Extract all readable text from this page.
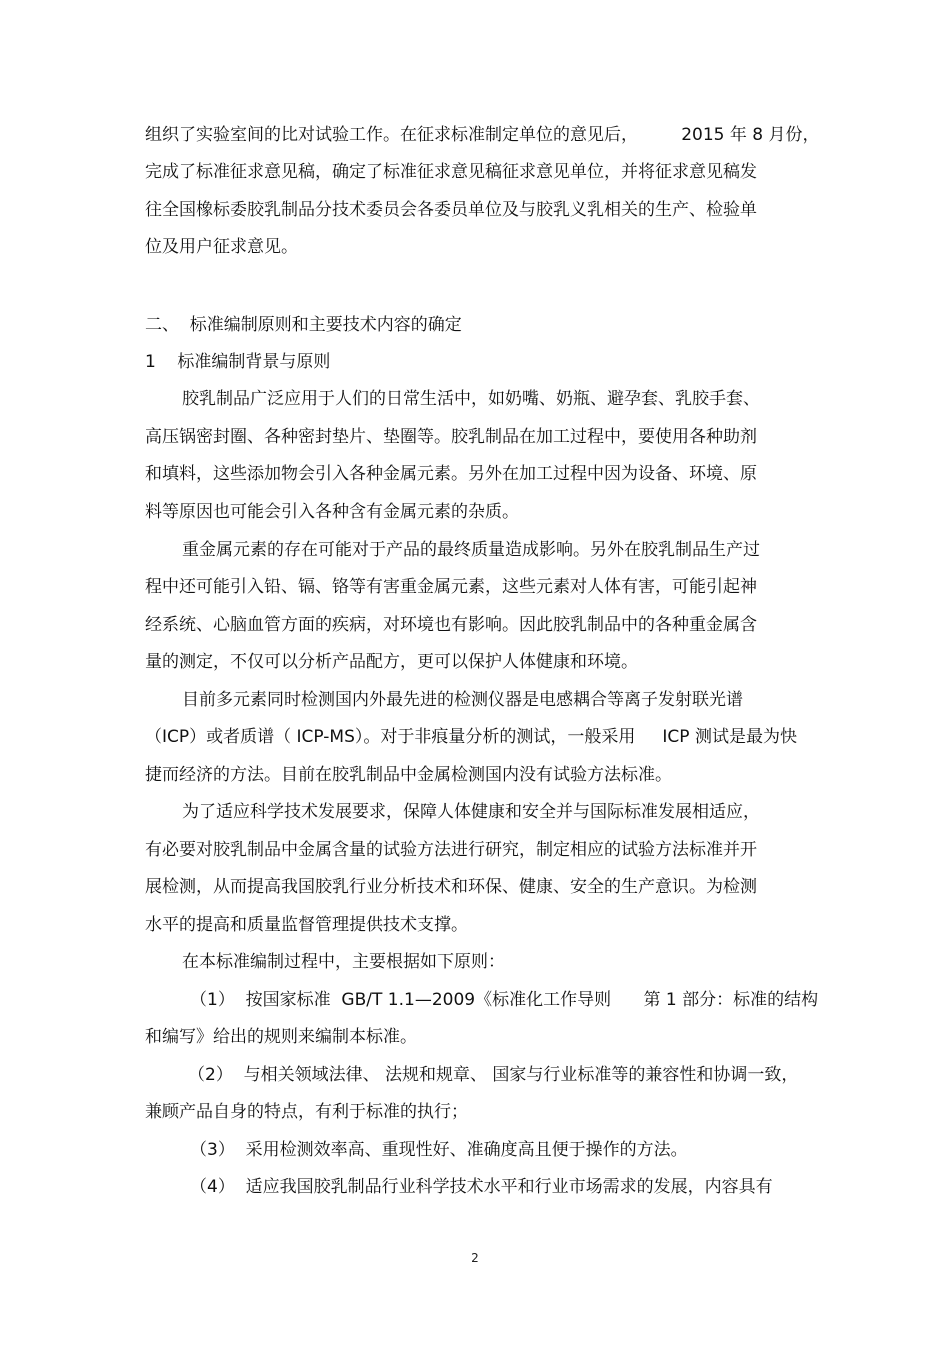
组织了实验室间的比对试验工作。在征求标准制定单位的意见后，        2015 年 8 月份，

完成了标准征求意见稿，确定了标准征求意见稿征求意见单位，并将征求意见稿发

往全国橡标委胶乳制品分技术委员会各委员单位及与胶乳义乳相关的生产、检验单

位及用户征求意见。

二、  标准编制原则和主要技术内容的确定

1    标准编制背景与原则

胶乳制品广泛应用于人们的日常生活中，如奶嘴、奶瓶、避孕套、乳胶手套、

高压锅密封圈、各种密封垫片、垫圈等。胶乳制品在加工过程中，要使用各种助剂

和填料，这些添加物会引入各种金属元素。另外在加工过程中因为设备、环境、原

料等原因也可能会引入各种含有金属元素的杂质。

重金属元素的存在可能对于产品的最终质量造成影响。另外在胶乳制品生产过

程中还可能引入铅、镉、铬等有害重金属元素，这些元素对人体有害，可能引起神

经系统、心脑血管方面的疾病，对环境也有影响。因此胶乳制品中的各种重金属含

量的测定，不仅可以分析产品配方，更可以保护人体健康和环境。

目前多元素同时检测国内外最先进的检测仪器是电感耦合等离子发射联光谱

（ICP）或者质谱（ ICP-MS）。对于非痕量分析的测试，一般采用     ICP 测试是最为快

捷而经济的方法。目前在胶乳制品中金属检测国内没有试验方法标准。

为了适应科学技术发展要求，保障人体健康和安全并与国际标准发展相适应，

有必要对胶乳制品中金属含量的试验方法进行研究，制定相应的试验方法标准并开

展检测，从而提高我国胶乳行业分析技术和环保、健康、安全的生产意识。为检测

水平的提高和质量监督管理提供技术支撑。

在本标准编制过程中，主要根据如下原则：

（1）  按国家标准  GB/T 1.1—2009《标准化工作导则      第 1 部分：标准的结构

和编写》给出的规则来编制本标准。

（2）  与相关领域法律、 法规和规章、 国家与行业标准等的兼容性和协调一致，

兼顾产品自身的特点，有利于标准的执行；

（3）  采用检测效率高、重现性好、准确度高且便于操作的方法。

（4）  适应我国胶乳制品行业科学技术水平和行业市场需求的发展，内容具有

2
